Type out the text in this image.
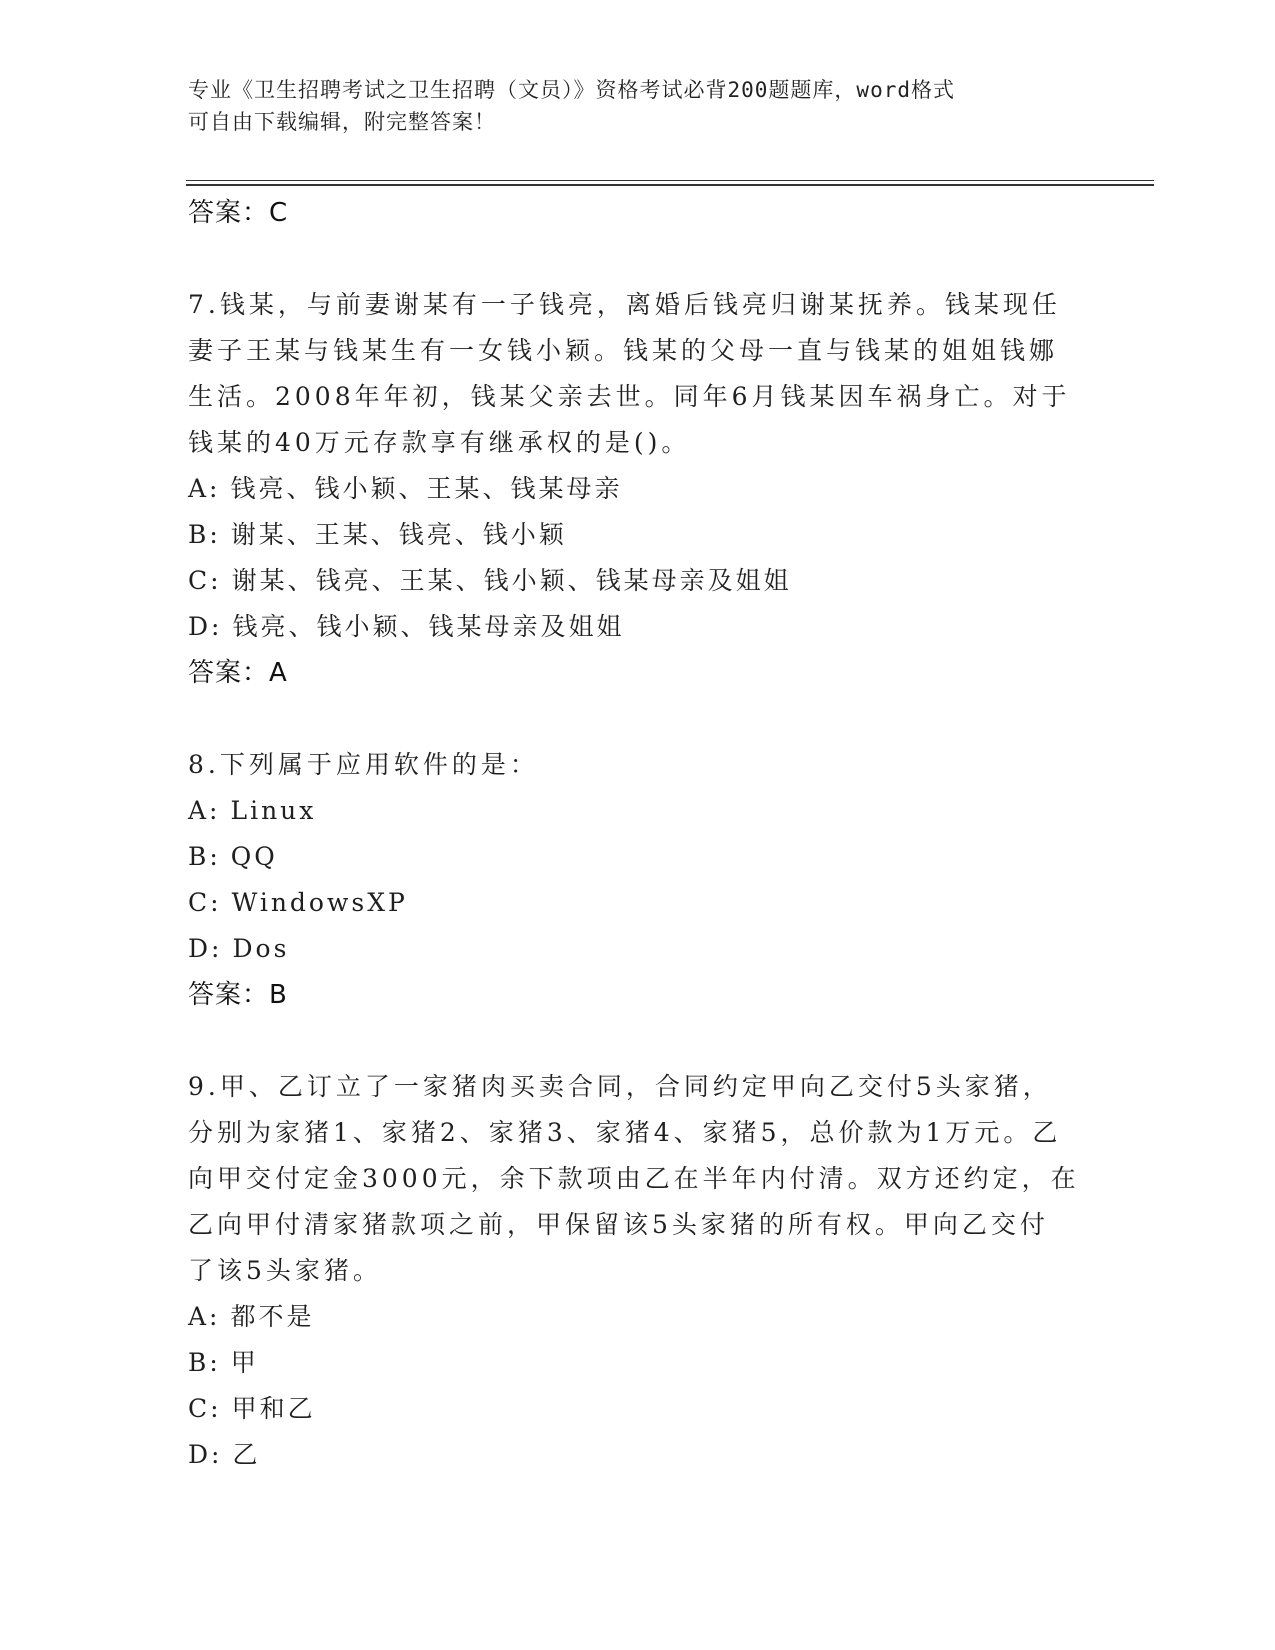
专业《卫生招聘考试之卫生招聘（文员）》资格考试必背200题题库，word格式
可自由下载编辑，附完整答案！
答案：C
7.钱某，与前妻谢某有一子钱亮，离婚后钱亮归谢某抚养。钱某现任
妻子王某与钱某生有一女钱小颖。钱某的父母一直与钱某的姐姐钱娜
生活。2008年年初，钱某父亲去世。同年6月钱某因车祸身亡。对于
钱某的40万元存款享有继承权的是()。
A: 钱亮、钱小颖、王某、钱某母亲
B: 谢某、王某、钱亮、钱小颖
C: 谢某、钱亮、王某、钱小颖、钱某母亲及姐姐
D: 钱亮、钱小颖、钱某母亲及姐姐
答案：A
8.下列属于应用软件的是：
A: Linux
B: QQ
C: WindowsXP
D: Dos
答案：B
9.甲、乙订立了一家猪肉买卖合同，合同约定甲向乙交付5头家猪，
分别为家猪1、家猪2、家猪3、家猪4、家猪5，总价款为1万元。乙
向甲交付定金3000元，余下款项由乙在半年内付清。双方还约定，在
乙向甲付清家猪款项之前，甲保留该5头家猪的所有权。甲向乙交付
了该5头家猪。
A: 都不是
B: 甲
C: 甲和乙
D: 乙
